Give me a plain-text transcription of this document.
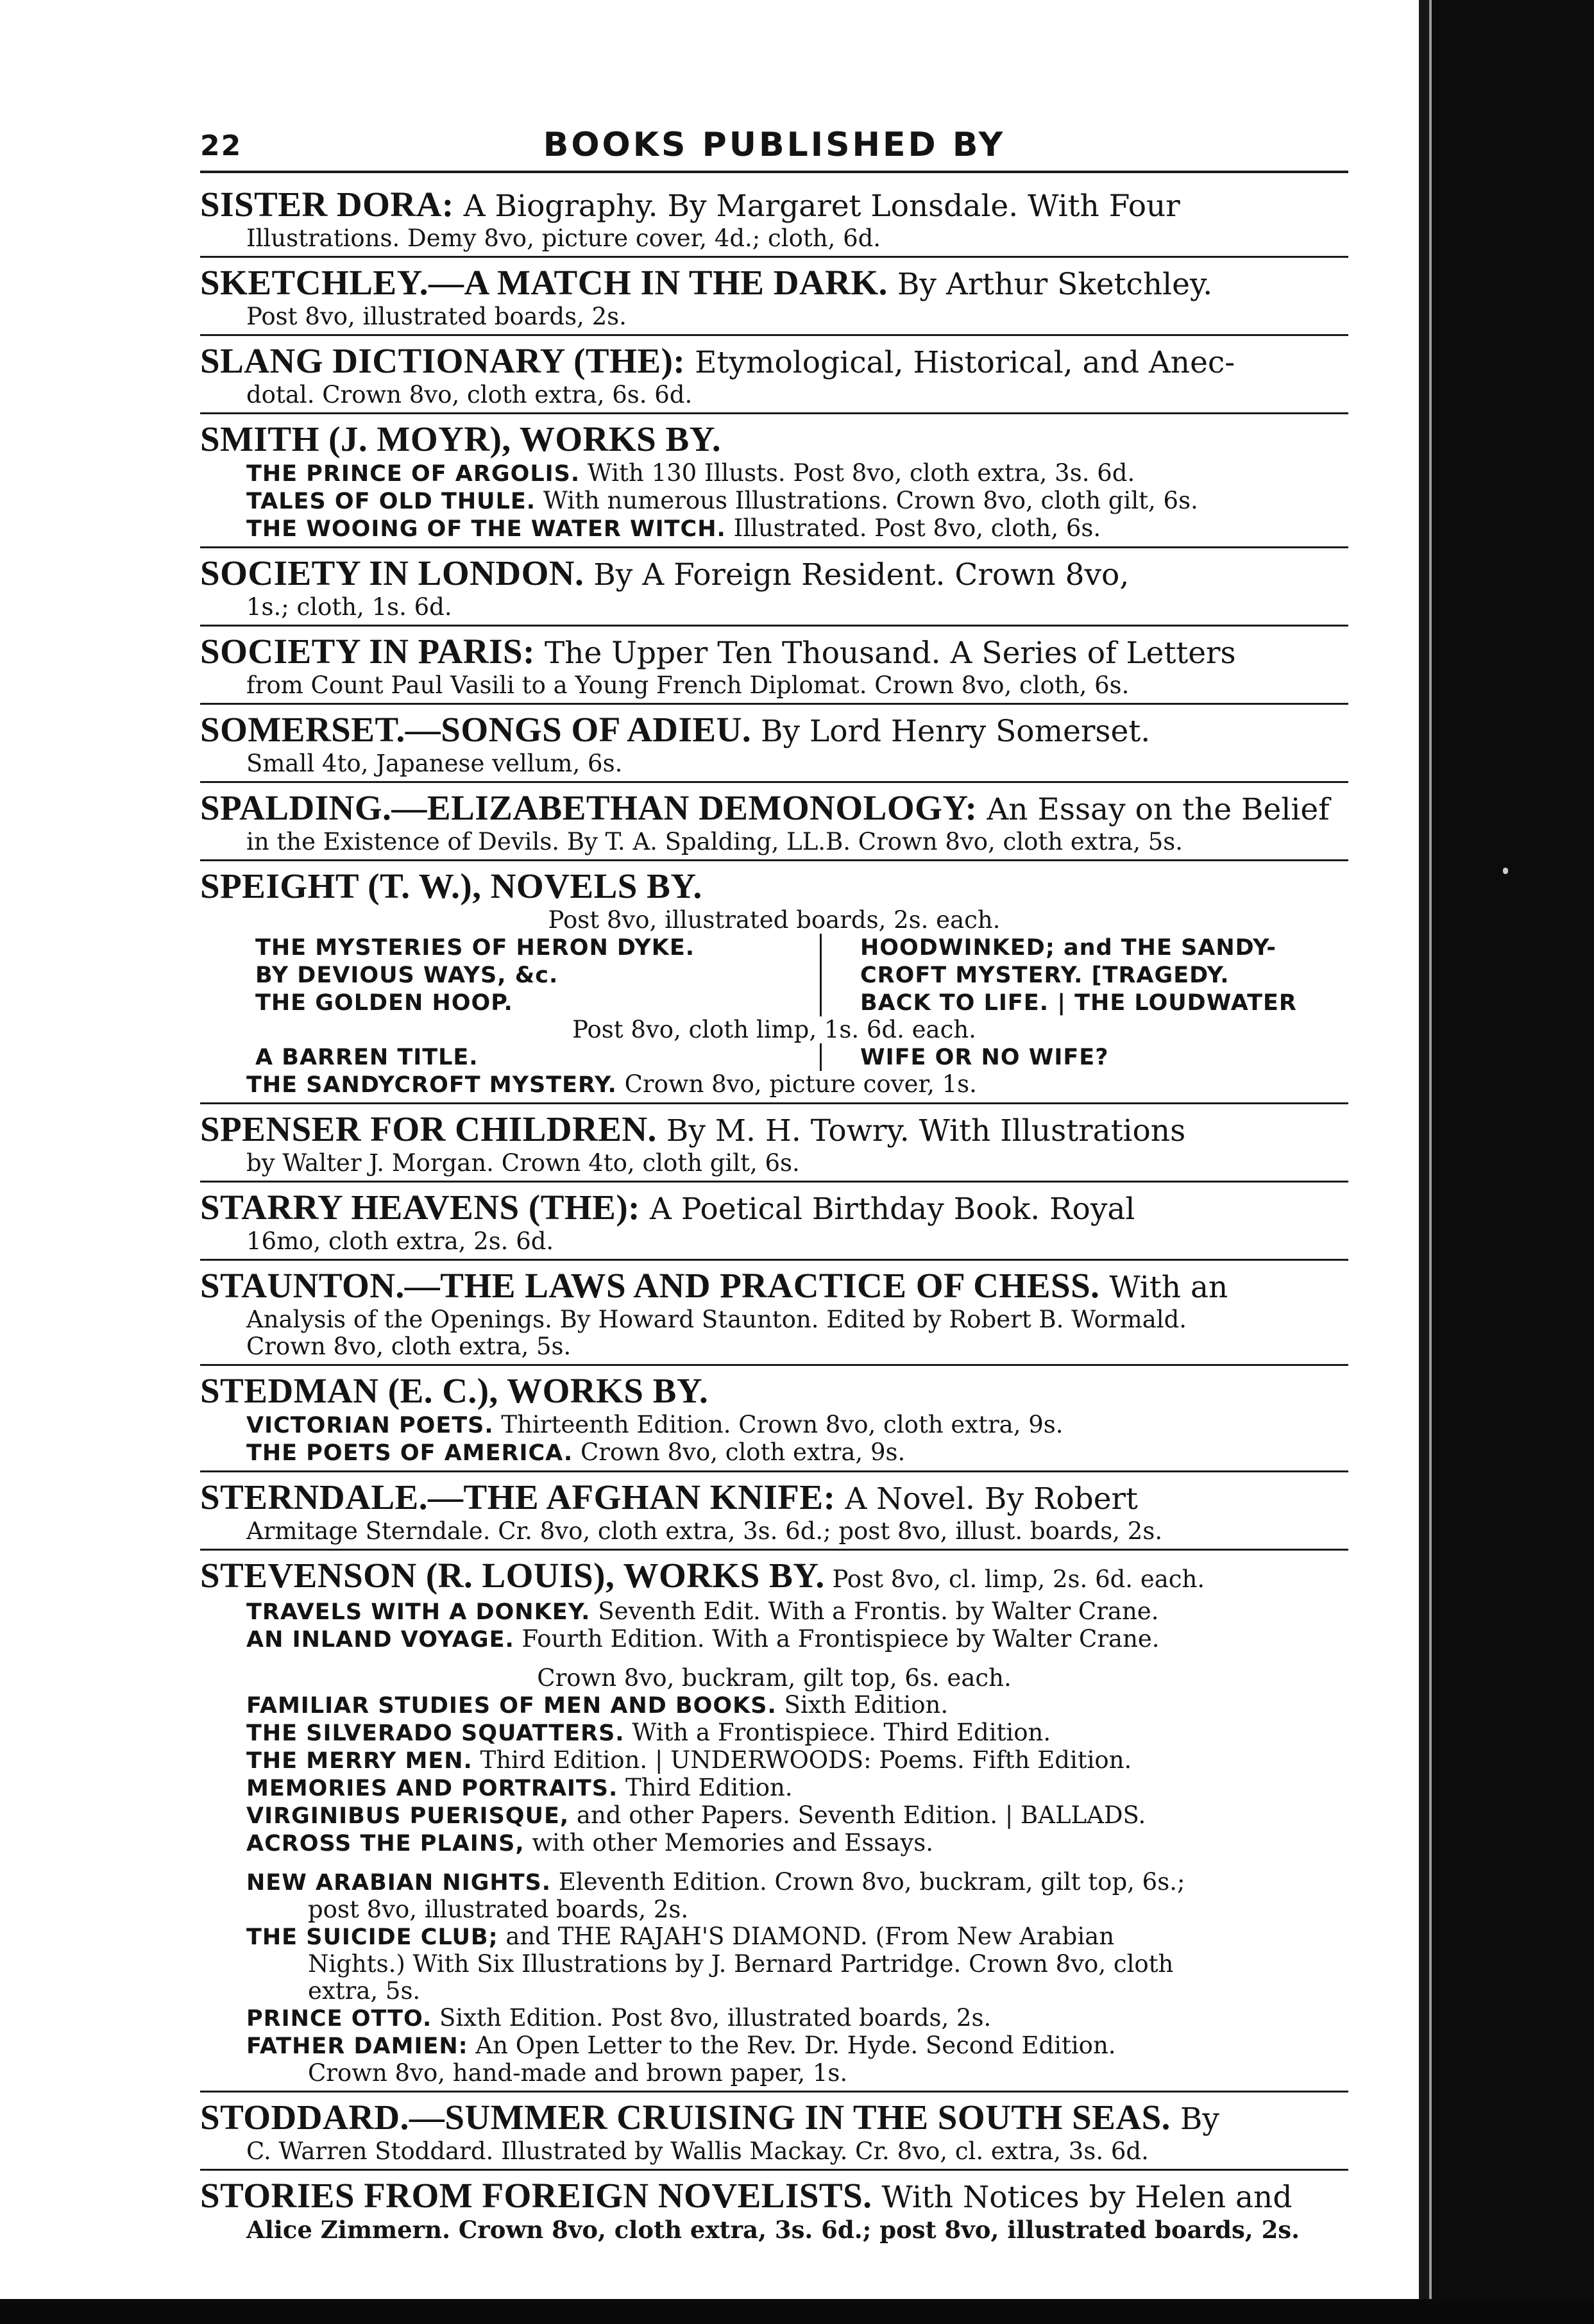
22	BOOKS PUBLISHED BY
SISTER DORA: A Biography. By Margaret Lonsdale. With Four
Illustrations. Demy 8vo, picture cover, 4d.; cloth, 6d.
SKETCHLEY.—A MATCH IN THE DARK. By Arthur Sketchley.
Post 8vo, illustrated boards, 2s.
SLANG DICTIONARY (THE): Etymological, Historical, and Anec-
dotal. Crown 8vo, cloth extra, 6s. 6d.
SMITH (J. MOYR), WORKS BY.
THE PRINCE OF ARGOLIS. With 130 Illusts. Post 8vo, cloth extra, 3s. 6d.
TALES OF OLD THULE. With numerous Illustrations. Crown 8vo, cloth gilt, 6s.
THE WOOING OF THE WATER WITCH. Illustrated. Post 8vo, cloth, 6s.
SOCIETY IN LONDON. By A Foreign Resident. Crown 8vo,
1s.; cloth, 1s. 6d.
SOCIETY IN PARIS: The Upper Ten Thousand. A Series of Letters
from Count Paul Vasili to a Young French Diplomat. Crown 8vo, cloth, 6s.
SOMERSET.—SONGS OF ADIEU. By Lord Henry Somerset.
Small 4to, Japanese vellum, 6s.
SPALDING.—ELIZABETHAN DEMONOLOGY: An Essay on the Belief
in the Existence of Devils. By T. A. Spalding, LL.B. Crown 8vo, cloth extra, 5s.
SPEIGHT (T. W.), NOVELS BY.
Post 8vo, illustrated boards, 2s. each.
THE MYSTERIES OF HERON DYKE.	HOODWINKED; and THE SANDY-
BY DEVIOUS WAYS, &c.	CROFT MYSTERY. [TRAGEDY.
THE GOLDEN HOOP.	BACK TO LIFE. | THE LOUDWATER
Post 8vo, cloth limp, 1s. 6d. each.
A BARREN TITLE.	WIFE OR NO WIFE?
THE SANDYCROFT MYSTERY. Crown 8vo, picture cover, 1s.
SPENSER FOR CHILDREN. By M. H. Towry. With Illustrations
by Walter J. Morgan. Crown 4to, cloth gilt, 6s.
STARRY HEAVENS (THE): A Poetical Birthday Book. Royal
16mo, cloth extra, 2s. 6d.
STAUNTON.—THE LAWS AND PRACTICE OF CHESS. With an
Analysis of the Openings. By Howard Staunton. Edited by Robert B. Wormald.
Crown 8vo, cloth extra, 5s.
STEDMAN (E. C.), WORKS BY.
VICTORIAN POETS. Thirteenth Edition. Crown 8vo, cloth extra, 9s.
THE POETS OF AMERICA. Crown 8vo, cloth extra, 9s.
STERNDALE.—THE AFGHAN KNIFE: A Novel. By Robert
Armitage Sterndale. Cr. 8vo, cloth extra, 3s. 6d.; post 8vo, illust. boards, 2s.
STEVENSON (R. LOUIS), WORKS BY. Post 8vo, cl. limp, 2s. 6d. each.
TRAVELS WITH A DONKEY. Seventh Edit. With a Frontis. by Walter Crane.
AN INLAND VOYAGE. Fourth Edition. With a Frontispiece by Walter Crane.
Crown 8vo, buckram, gilt top, 6s. each.
FAMILIAR STUDIES OF MEN AND BOOKS. Sixth Edition.
THE SILVERADO SQUATTERS. With a Frontispiece. Third Edition.
THE MERRY MEN. Third Edition. | UNDERWOODS: Poems. Fifth Edition.
MEMORIES AND PORTRAITS. Third Edition.
VIRGINIBUS PUERISQUE, and other Papers. Seventh Edition. | BALLADS.
ACROSS THE PLAINS, with other Memories and Essays.
NEW ARABIAN NIGHTS. Eleventh Edition. Crown 8vo, buckram, gilt top, 6s.;
post 8vo, illustrated boards, 2s.
THE SUICIDE CLUB; and THE RAJAH'S DIAMOND. (From New Arabian
Nights.) With Six Illustrations by J. Bernard Partridge. Crown 8vo, cloth
extra, 5s.
PRINCE OTTO. Sixth Edition. Post 8vo, illustrated boards, 2s.
FATHER DAMIEN: An Open Letter to the Rev. Dr. Hyde. Second Edition.
Crown 8vo, hand-made and brown paper, 1s.
STODDARD.—SUMMER CRUISING IN THE SOUTH SEAS. By
C. Warren Stoddard. Illustrated by Wallis Mackay. Cr. 8vo, cl. extra, 3s. 6d.
STORIES FROM FOREIGN NOVELISTS. With Notices by Helen and
Alice Zimmern. Crown 8vo, cloth extra, 3s. 6d.; post 8vo, illustrated boards, 2s.
